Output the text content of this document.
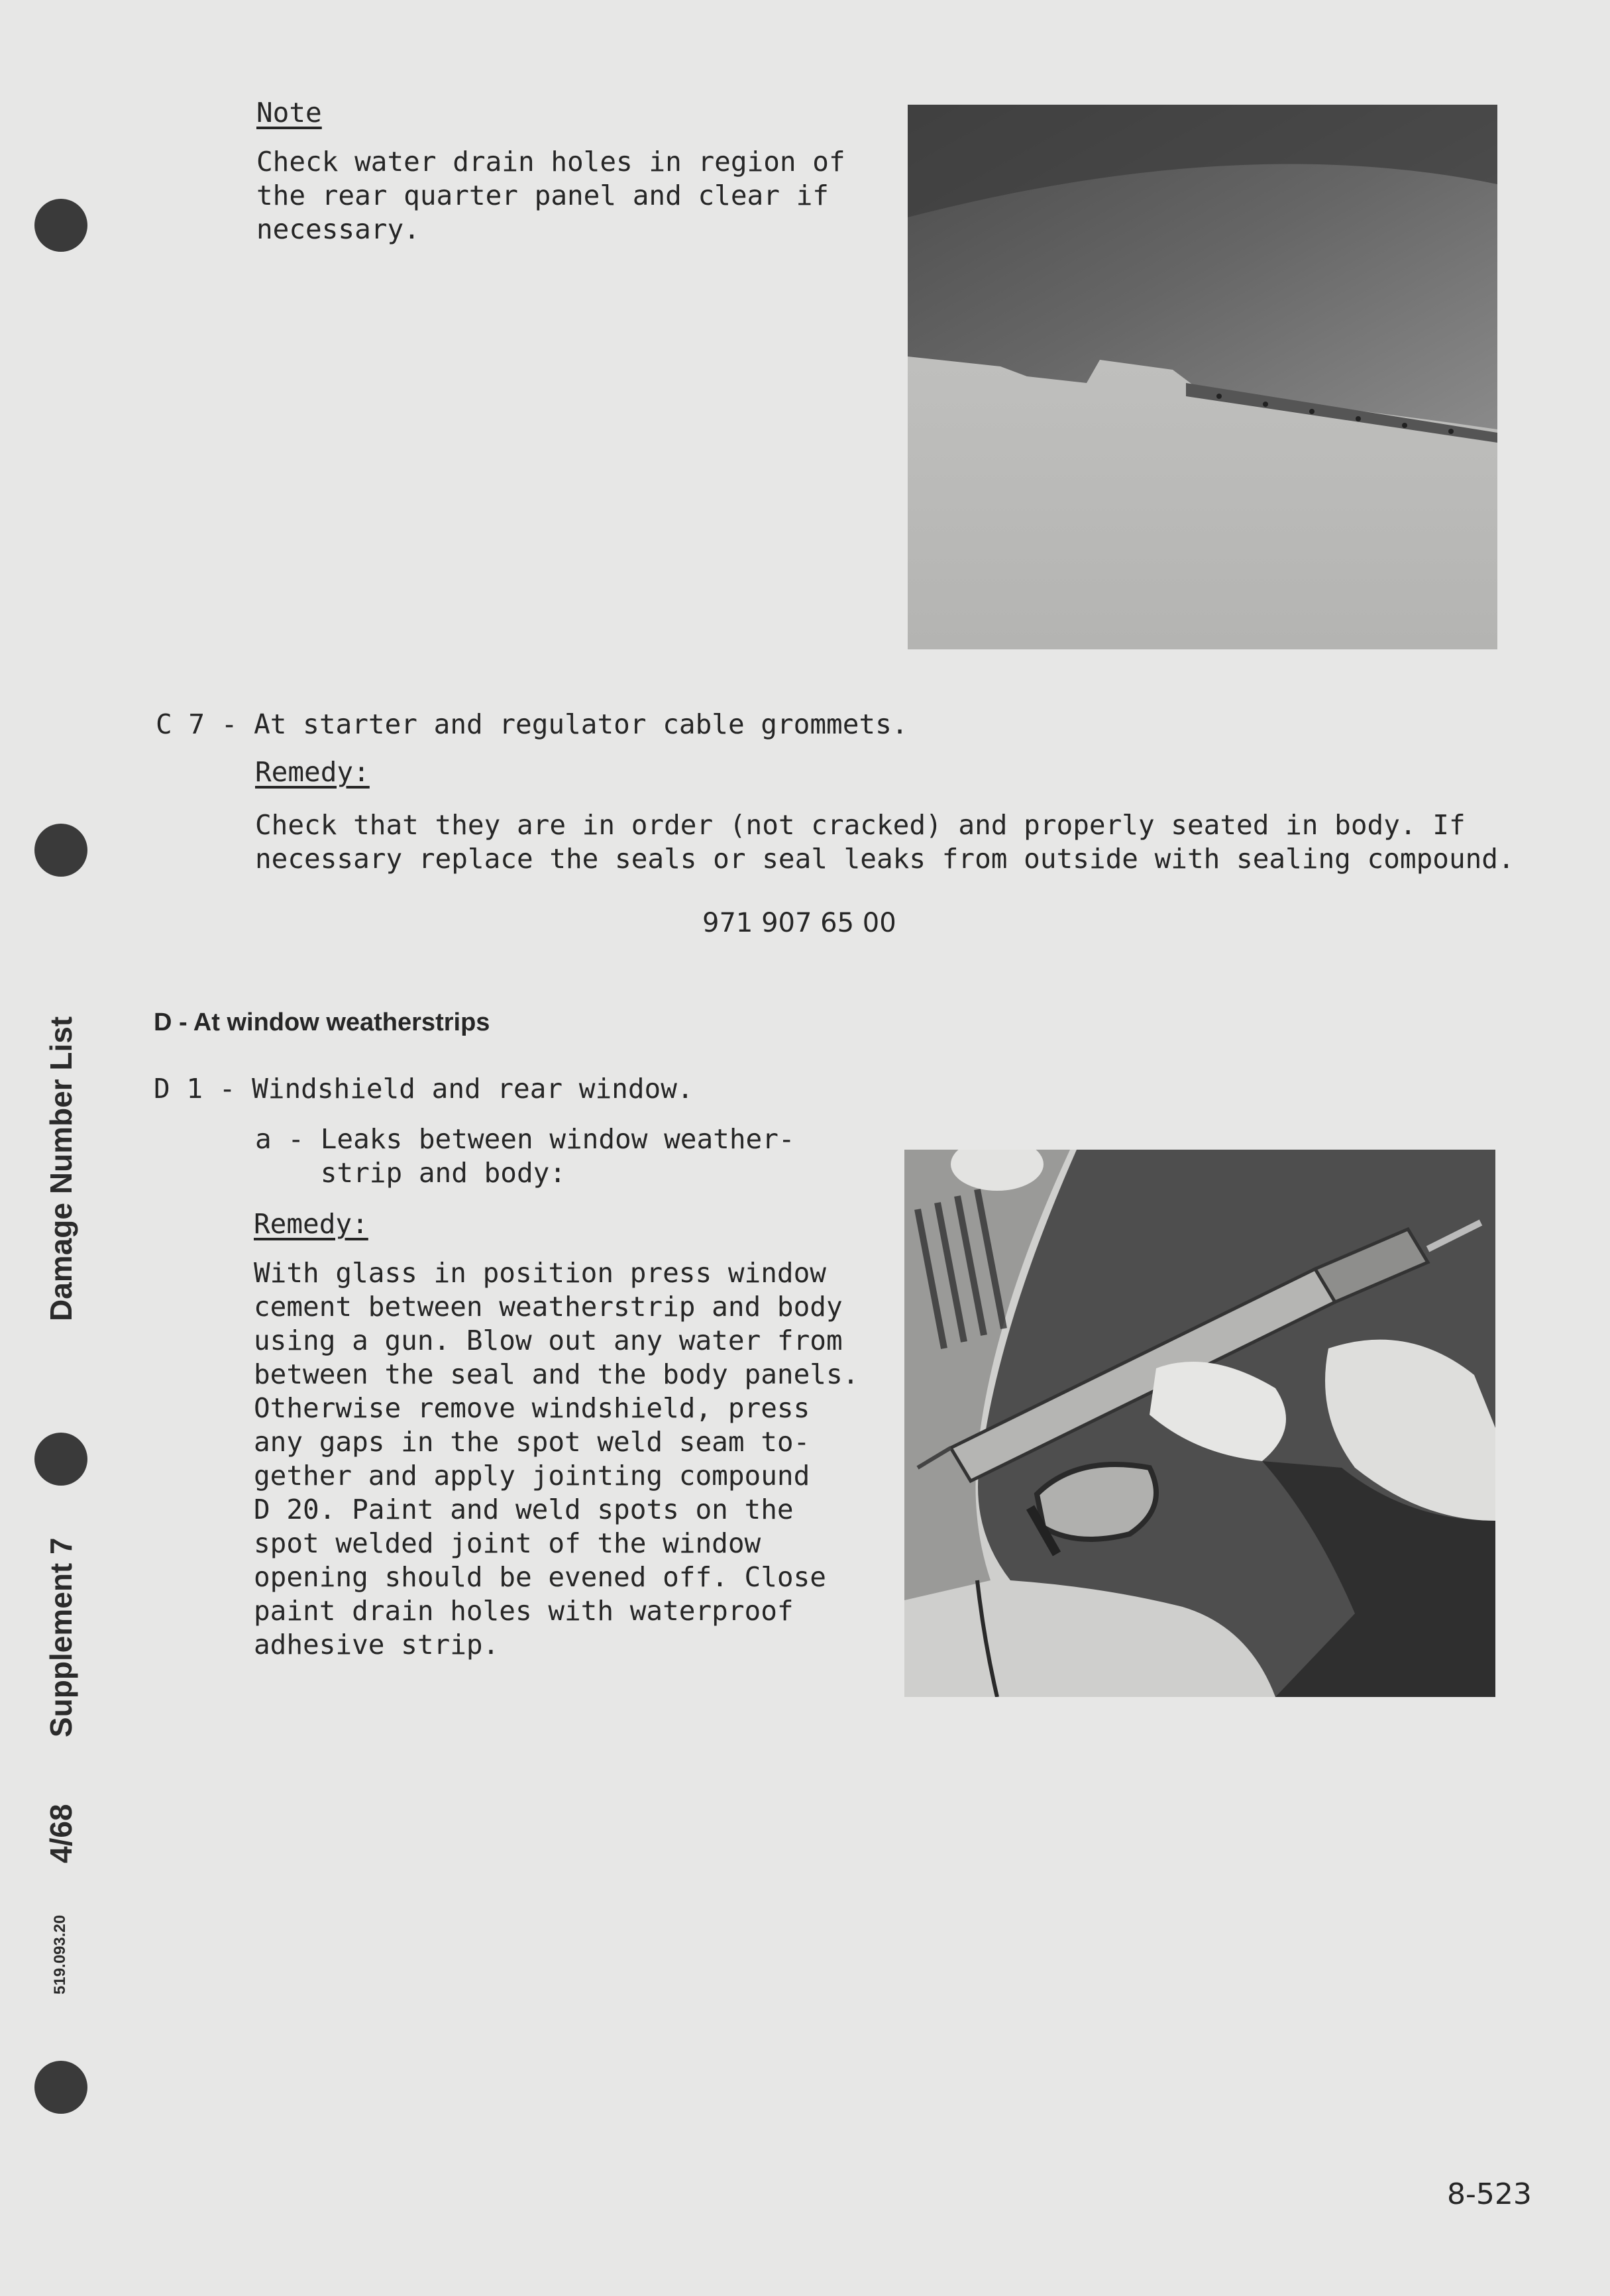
Note
Check water drain holes in region of
the rear quarter panel and clear if
necessary.
C 7 - At starter and regulator cable grommets.
Remedy:
Check that they are in order (not cracked) and properly seated in body. If
necessary replace the seals or seal leaks from outside with sealing compound.
971 907 65 00
D - At window weatherstrips
D 1 - Windshield and rear window.
a - Leaks between window weather-
strip and body:
Remedy:
With glass in position press window
cement between weatherstrip and body
using a gun. Blow out any water from
between the seal and the body panels.
Otherwise remove windshield, press
any gaps in the spot weld seam to-
gether and apply jointing compound
D 20. Paint and weld spots on the
spot welded joint of the window
opening should be evened off. Close
paint drain holes with waterproof
adhesive strip.
Damage Number List
Supplement 7
4/68
519.093.20
8-523
